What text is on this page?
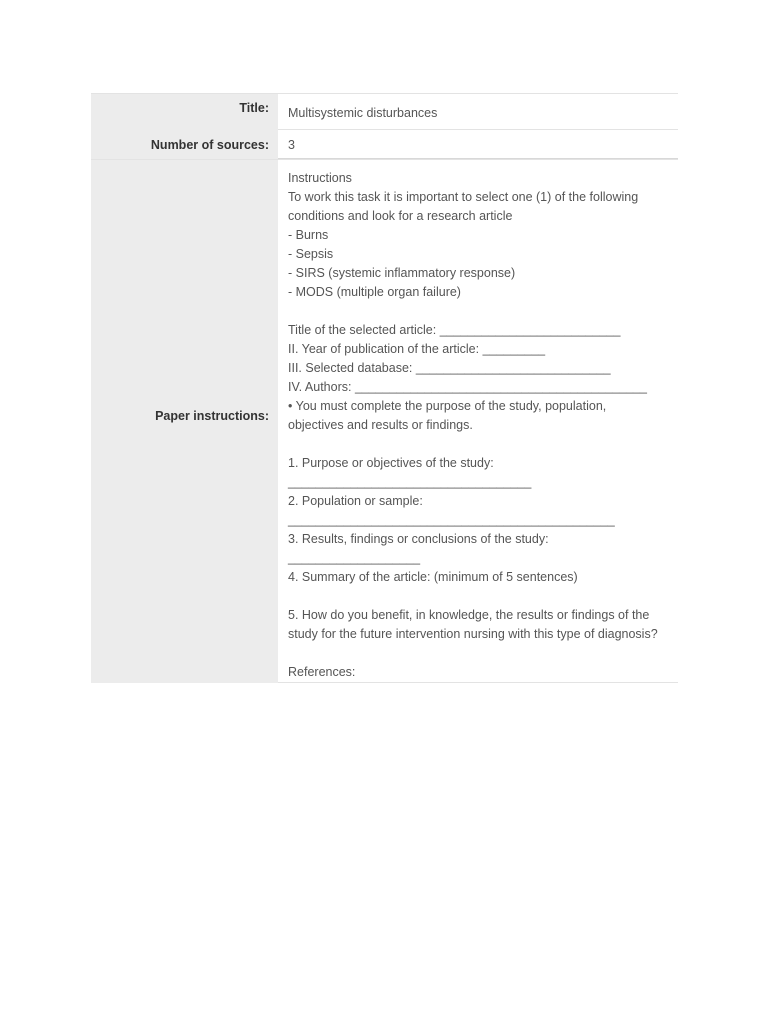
Title:	Multisystemic disturbances
Number of sources:	3
Paper instructions:
Instructions
To work this task it is important to select one (1) of the following
conditions and look for a research article
- Burns
- Sepsis
- SIRS (systemic inflammatory response)
- MODS (multiple organ failure)
Title of the selected article: __________________________
II. Year of publication of the article: _________
III. Selected database: ____________________________
IV. Authors: __________________________________________
• You must complete the purpose of the study, population,
objectives and results or findings.
1. Purpose or objectives of the study:
___________________________________
2. Population or sample:
_______________________________________________
3. Results, findings or conclusions of the study:
___________________
4. Summary of the article: (minimum of 5 sentences)
5. How do you benefit, in knowledge, the results or findings of the
study for the future intervention nursing with this type of diagnosis?
References:
